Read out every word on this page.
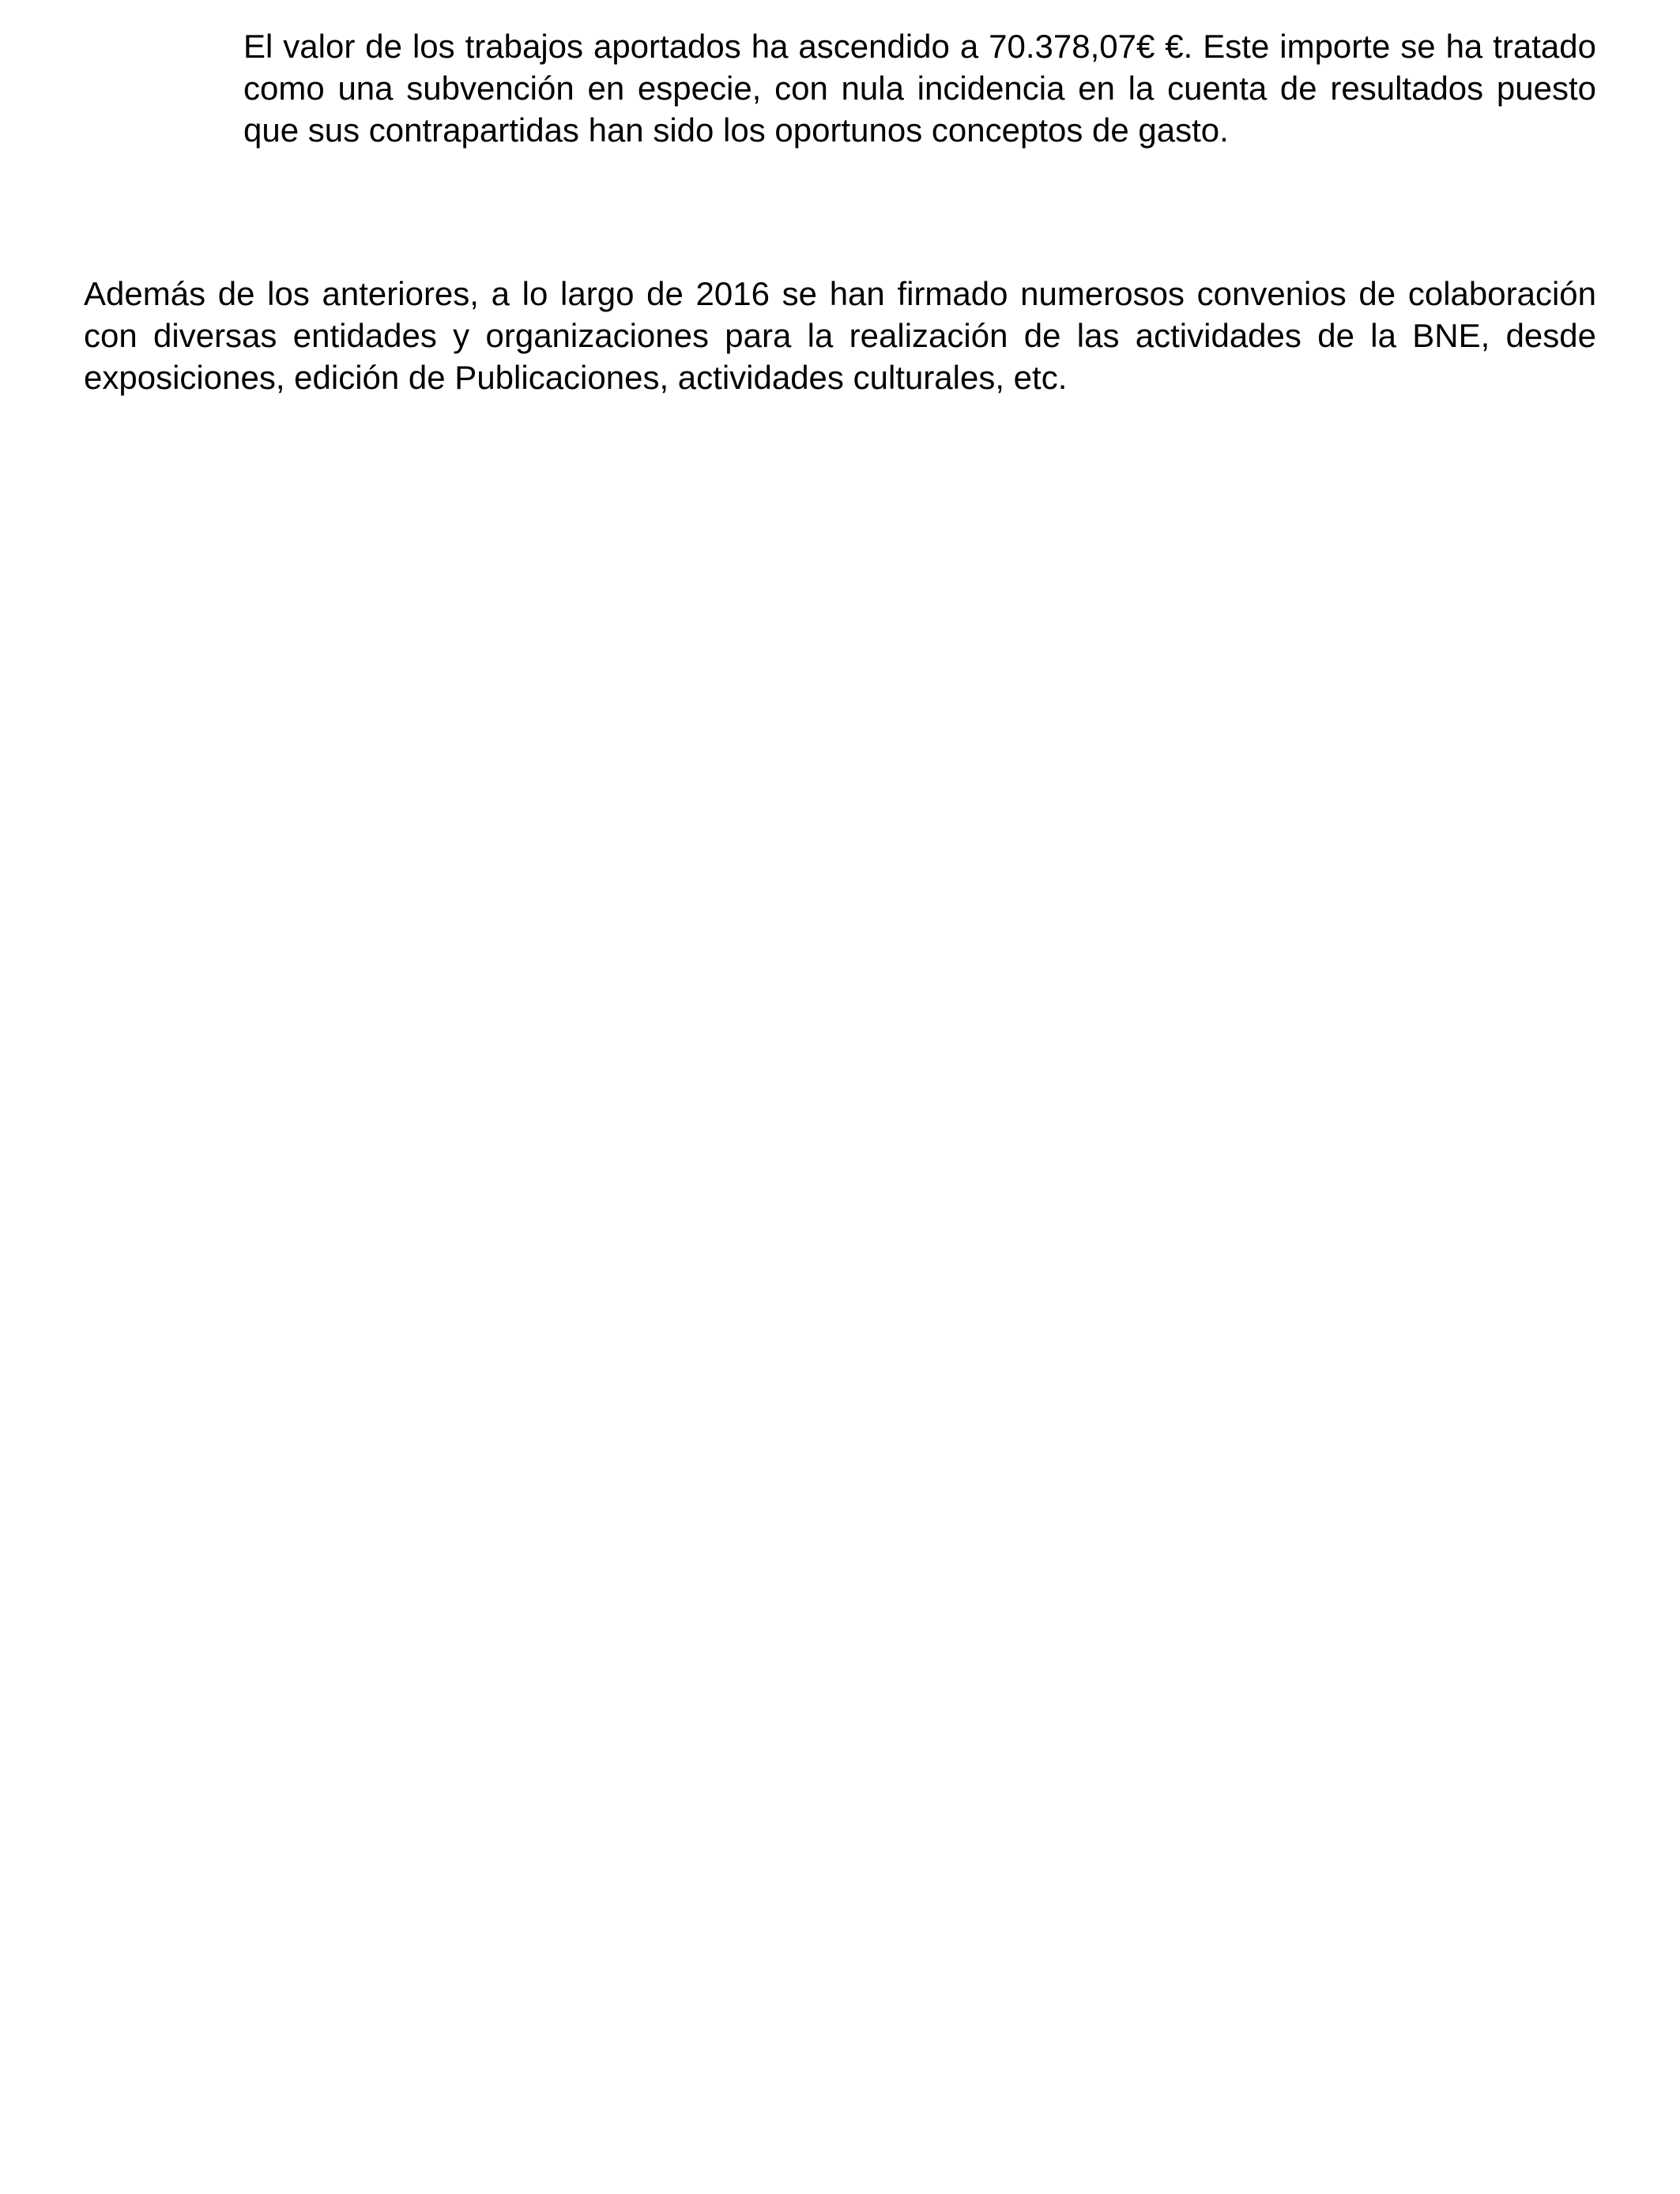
El valor de los trabajos aportados ha ascendido a 70.378,07€ €. Este importe se ha tratado como una subvención en especie, con nula incidencia en la cuenta de resultados puesto que sus contrapartidas han sido los oportunos conceptos de gasto.

Además de los anteriores, a lo largo de 2016 se han firmado numerosos convenios de colaboración con diversas entidades y organizaciones para la realización de las actividades de la BNE, desde exposiciones, edición de Publicaciones, actividades culturales, etc.
